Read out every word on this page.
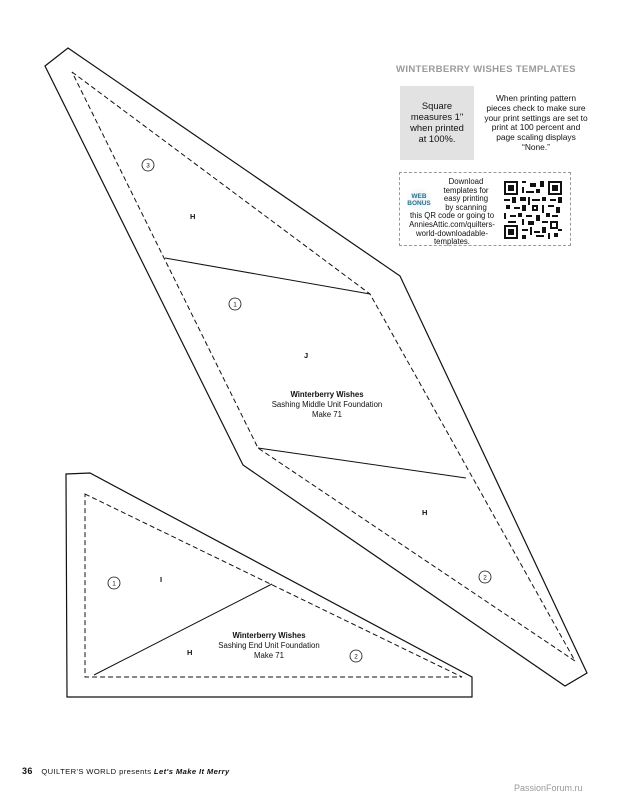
WINTERBERRY WISHES TEMPLATES
Square measures 1" when printed at 100%.
When printing pattern pieces check to make sure your print settings are set to print at 100 percent and page scaling displays “None.”
WEB
BONUS
Download
templates for
easy printing
by scanning
this QR code or going to
AnniesAttic.com/quilters-
world-downloadable-
templates.
H
J
H
3
1
2
Winterberry Wishes
Sashing Middle Unit Foundation
Make 71
I
H
1
2
Winterberry Wishes
Sashing End Unit Foundation
Make 71
36 QUILTER'S WORLD presents Let's Make It Merry
PassionForum.ru
